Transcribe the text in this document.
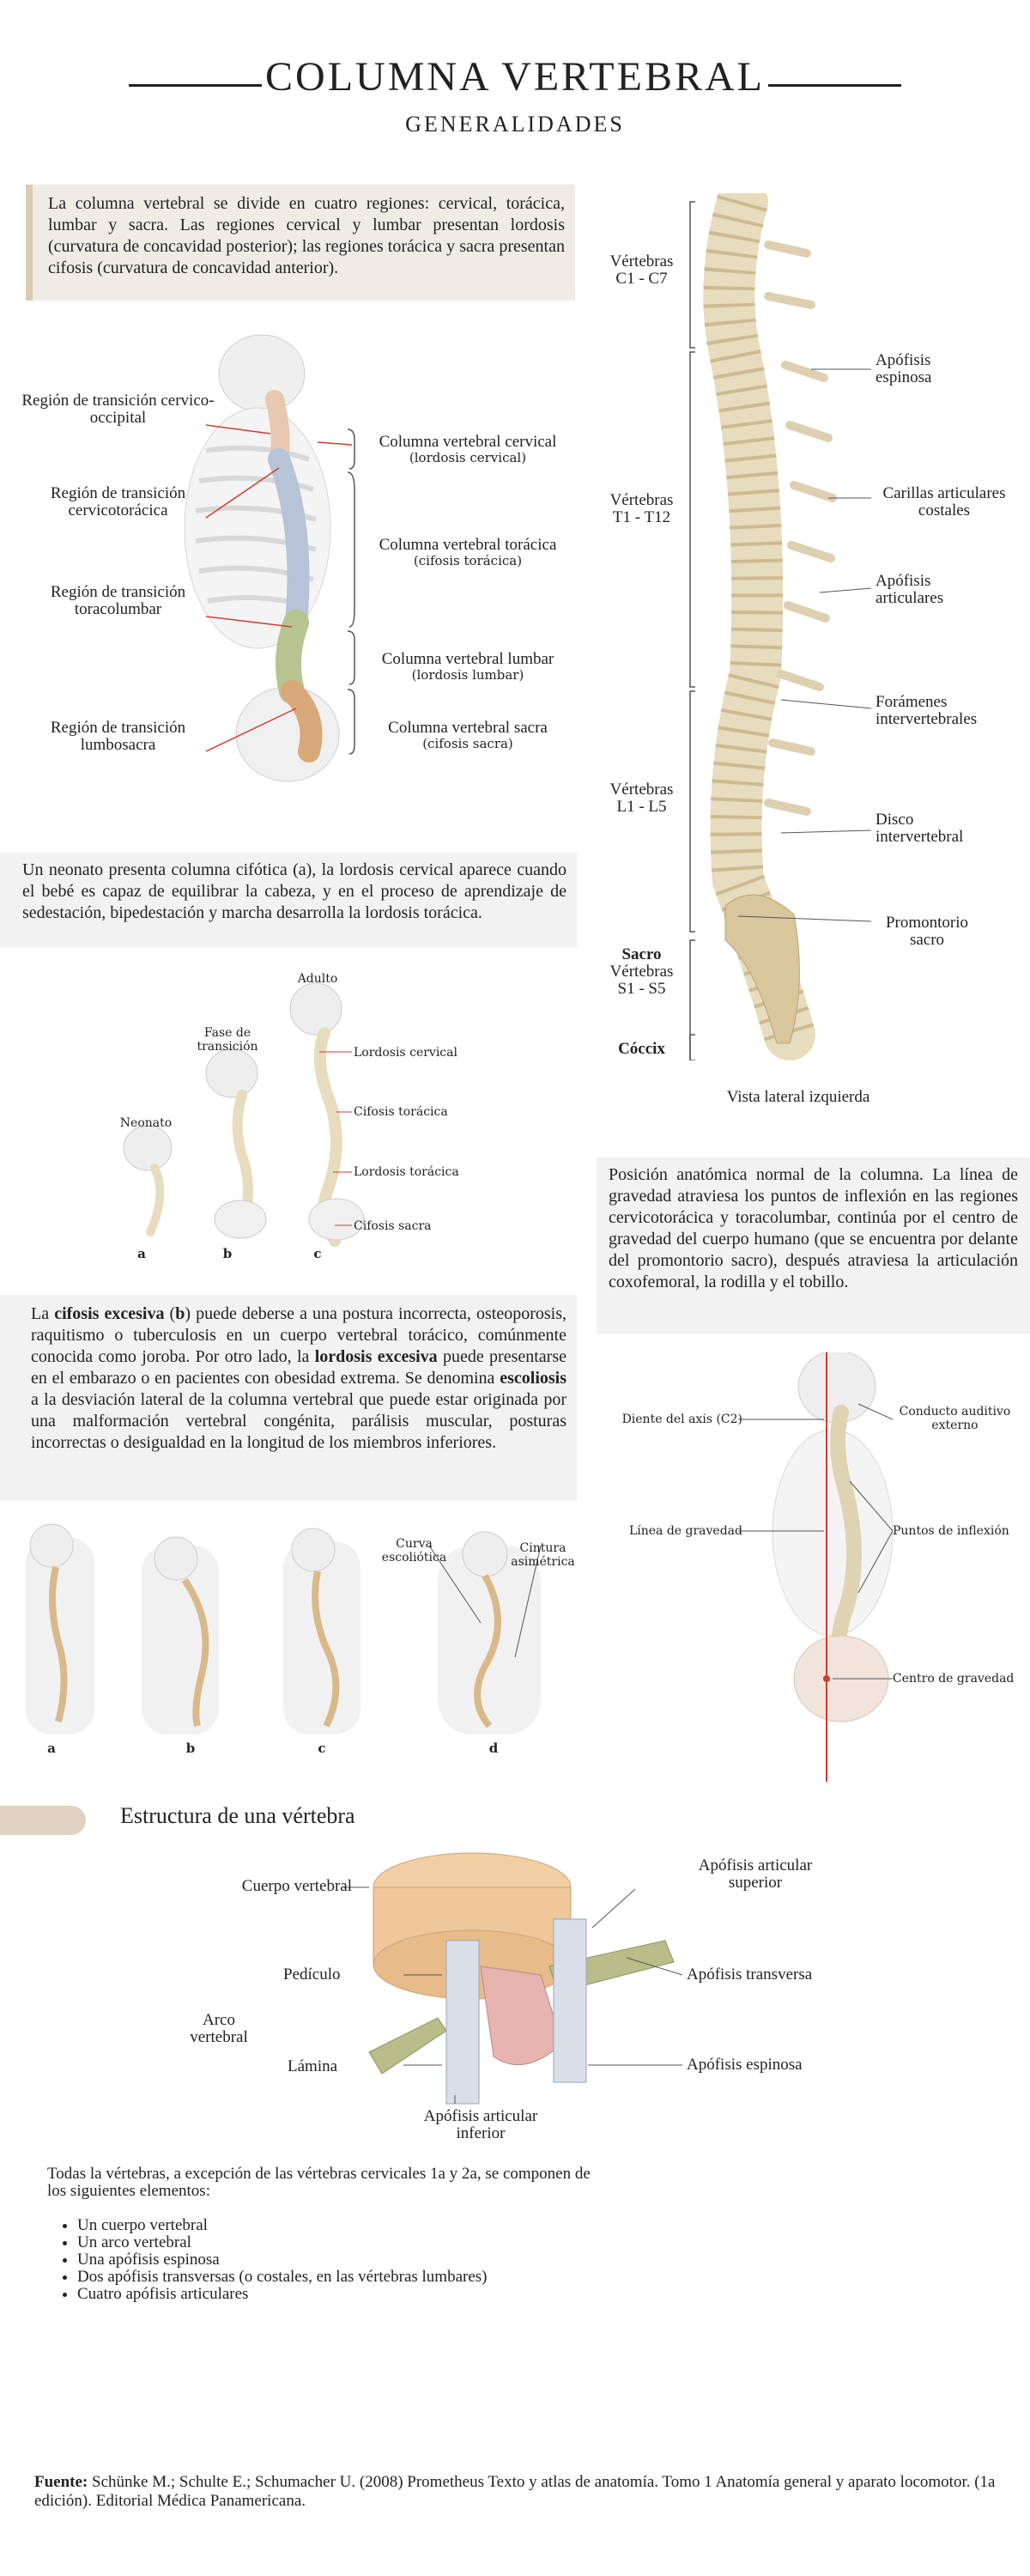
COLUMNA VERTEBRAL
GENERALIDADES
La columna vertebral se divide en cuatro regiones: cervical, torácica, lumbar y sacra. Las regiones cervical y lumbar presentan lordosis (curvatura de concavidad posterior); las regiones torácica y sacra presentan cifosis (curvatura de concavidad anterior).
Región de transición cervico-occipital
Región de transición cervicotorácica
Región de transición toracolumbar
Región de transición lumbosacra
Columna vertebral cervical
(lordosis cervical)
Columna vertebral torácica
(cifosis torácica)
Columna vertebral lumbar
(lordosis lumbar)
Columna vertebral sacra
(cifosis sacra)
Vértebras
C1 - C7
Vértebras
T1 - T12
Vértebras
L1 - L5
Sacro
Vértebras
S1 - S5
Cóccix
Apófisis espinosa
Carillas articulares costales
Apófisis articulares
Forámenes intervertebrales
Disco intervertebral
Promontorio sacro
Vista lateral izquierda
Un neonato presenta columna cifótica (a), la lordosis cervical aparece cuando el bebé es capaz de equilibrar la cabeza, y en el proceso de aprendizaje de sedestación, bipedestación y marcha desarrolla la lordosis torácica.
Neonato
Fase de transición
Adulto
a	b	c
Lordosis cervical
Cifosis torácica
Lordosis torácica
Cifosis sacra
Posición anatómica normal de la columna. La línea de gravedad atraviesa los puntos de inflexión en las regiones cervicotorácica y toracolumbar, continúa por el centro de gravedad del cuerpo humano (que se encuentra por delante del promontorio sacro), después atraviesa la articulación coxofemoral, la rodilla y el tobillo.
Diente del axis (C2)
Conducto auditivo externo
Línea de gravedad	Puntos de inflexión
Centro de gravedad
La cifosis excesiva (b) puede deberse a una postura incorrecta, osteoporosis, raquitismo o tuberculosis en un cuerpo vertebral torácico, comúnmente conocida como joroba. Por otro lado, la lordosis excesiva puede presentarse en el embarazo o en pacientes con obesidad extrema. Se denomina escoliosis a la desviación lateral de la columna vertebral que puede estar originada por una malformación vertebral congénita, parálisis muscular, posturas incorrectas o desigualdad en la longitud de los miembros inferiores.
a	b	c	d
Curva escoliótica
Cintura asimétrica
Estructura de una vértebra
Cuerpo vertebral
Pedículo
Arco vertebral
Lámina
Apófisis articular inferior
Apófisis articular superior
Apófisis transversa
Apófisis espinosa
Todas la vértebras, a excepción de las vértebras cervicales 1a y 2a, se componen de los siguientes elementos:
• Un cuerpo vertebral
• Un arco vertebral
• Una apófisis espinosa
• Dos apófisis transversas (o costales, en las vértebras lumbares)
• Cuatro apófisis articulares
Fuente: Schünke M.; Schulte E.; Schumacher U. (2008) Prometheus Texto y atlas de anatomía. Tomo 1 Anatomía general y aparato locomotor. (1a edición). Editorial Médica Panamericana.
